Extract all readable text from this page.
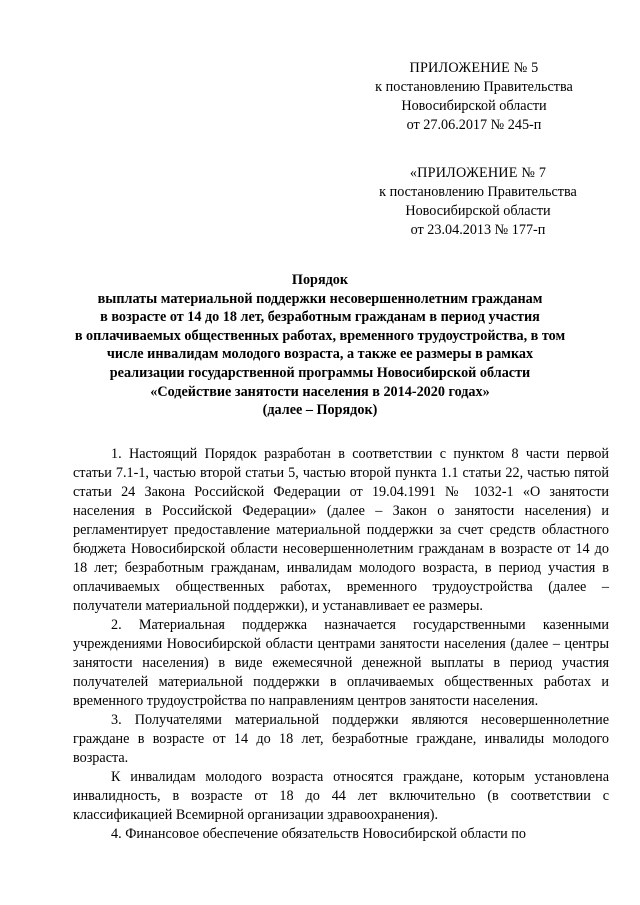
ПРИЛОЖЕНИЕ № 5
к постановлению Правительства
Новосибирской области
от 27.06.2017 № 245-п
«ПРИЛОЖЕНИЕ № 7
к постановлению Правительства
Новосибирской области
от 23.04.2013 № 177-п
Порядок
выплаты материальной поддержки несовершеннолетним гражданам
в возрасте от 14 до 18 лет, безработным гражданам в период участия
в оплачиваемых общественных работах, временного трудоустройства, в том
числе инвалидам молодого возраста, а также ее размеры в рамках
реализации государственной программы Новосибирской области
«Содействие занятости населения в 2014-2020 годах»
(далее – Порядок)

1. Настоящий Порядок разработан в соответствии с пунктом 8 части первой статьи 7.1-1, частью второй статьи 5, частью второй пункта 1.1 статьи 22, частью пятой статьи 24 Закона Российской Федерации от 19.04.1991 № 1032-1 «О занятости населения в Российской Федерации» (далее – Закон о занятости населения) и регламентирует предоставление материальной поддержки за счет средств областного бюджета Новосибирской области несовершеннолетним гражданам в возрасте от 14 до 18 лет; безработным гражданам, инвалидам молодого возраста, в период участия в оплачиваемых общественных работах, временного трудоустройства (далее – получатели материальной поддержки), и устанавливает ее размеры.

2. Материальная поддержка назначается государственными казенными учреждениями Новосибирской области центрами занятости населения (далее – центры занятости населения) в виде ежемесячной денежной выплаты в период участия получателей материальной поддержки в оплачиваемых общественных работах и временного трудоустройства по направлениям центров занятости населения.

3. Получателями материальной поддержки являются несовершеннолетние граждане в возрасте от 14 до 18 лет, безработные граждане, инвалиды молодого возраста.

К инвалидам молодого возраста относятся граждане, которым установлена инвалидность, в возрасте от 18 до 44 лет включительно (в соответствии с классификацией Всемирной организации здравоохранения).

4. Финансовое обеспечение обязательств Новосибирской области по
